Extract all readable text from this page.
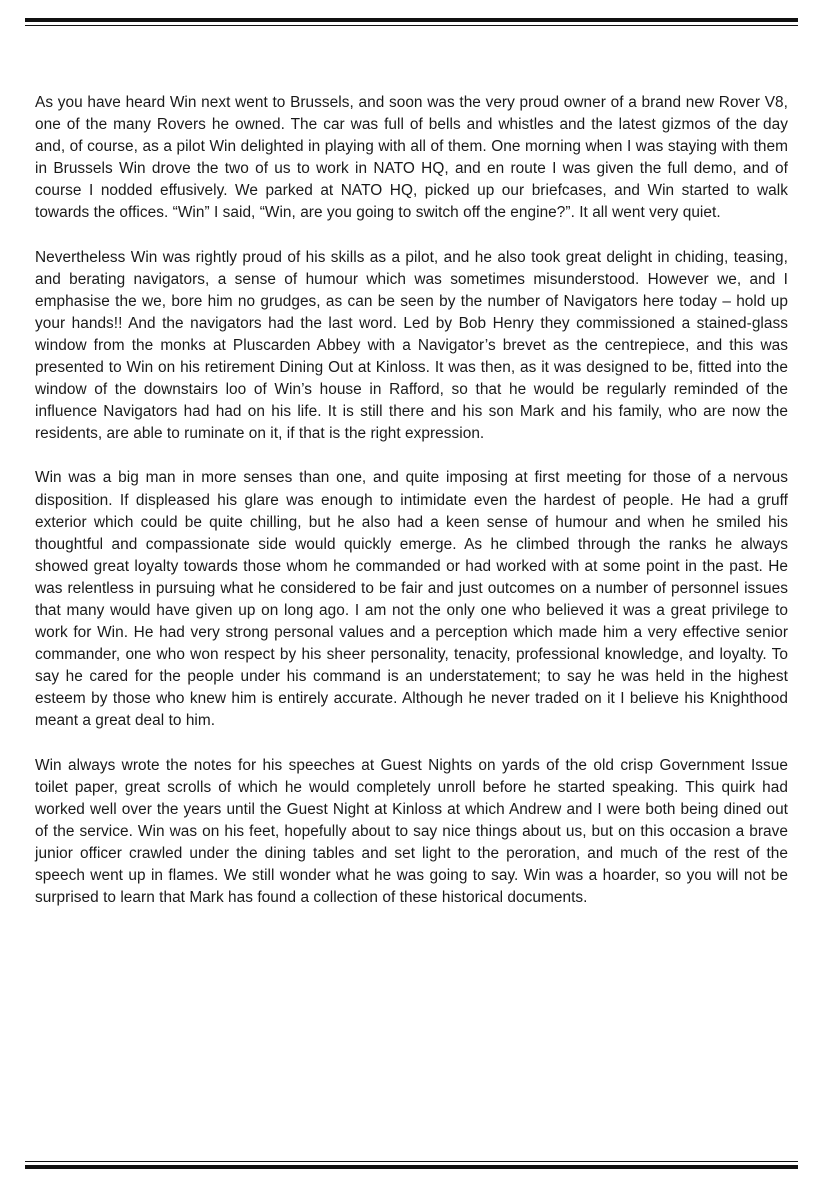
As you have heard Win next went to Brussels, and soon was the very proud owner of a brand new Rover V8, one of the many Rovers he owned. The car was full of bells and whistles and the latest gizmos of the day and, of course, as a pilot Win delighted in playing with all of them. One morning when I was staying with them in Brussels Win drove the two of us to work in NATO HQ, and en route I was given the full demo, and of course I nodded effusively. We parked at NATO HQ, picked up our briefcases, and Win started to walk towards the offices. “Win” I said, “Win, are you going to switch off the engine?”. It all went very quiet.

Nevertheless Win was rightly proud of his skills as a pilot, and he also took great delight in chiding, teasing, and berating navigators, a sense of humour which was sometimes misunderstood. However we, and I emphasise the we, bore him no grudges, as can be seen by the number of Navigators here today – hold up your hands!! And the navigators had the last word. Led by Bob Henry they commissioned a stained-glass window from the monks at Pluscarden Abbey with a Navigator’s brevet as the centrepiece, and this was presented to Win on his retirement Dining Out at Kinloss. It was then, as it was designed to be, fitted into the window of the downstairs loo of Win’s house in Rafford, so that he would be regularly reminded of the influence Navigators had had on his life. It is still there and his son Mark and his family, who are now the residents, are able to ruminate on it, if that is the right expression.

Win was a big man in more senses than one, and quite imposing at first meeting for those of a nervous disposition. If displeased his glare was enough to intimidate even the hardest of people. He had a gruff exterior which could be quite chilling, but he also had a keen sense of humour and when he smiled his thoughtful and compassionate side would quickly emerge. As he climbed through the ranks he always showed great loyalty towards those whom he commanded or had worked with at some point in the past. He was relentless in pursuing what he considered to be fair and just outcomes on a number of personnel issues that many would have given up on long ago. I am not the only one who believed it was a great privilege to work for Win. He had very strong personal values and a perception which made him a very effective senior commander, one who won respect by his sheer personality, tenacity, professional knowledge, and loyalty. To say he cared for the people under his command is an understatement; to say he was held in the highest esteem by those who knew him is entirely accurate. Although he never traded on it I believe his Knighthood meant a great deal to him.

Win always wrote the notes for his speeches at Guest Nights on yards of the old crisp Government Issue toilet paper, great scrolls of which he would completely unroll before he started speaking. This quirk had worked well over the years until the Guest Night at Kinloss at which Andrew and I were both being dined out of the service. Win was on his feet, hopefully about to say nice things about us, but on this occasion a brave junior officer crawled under the dining tables and set light to the peroration, and much of the rest of the speech went up in flames. We still wonder what he was going to say. Win was a hoarder, so you will not be surprised to learn that Mark has found a collection of these historical documents.
